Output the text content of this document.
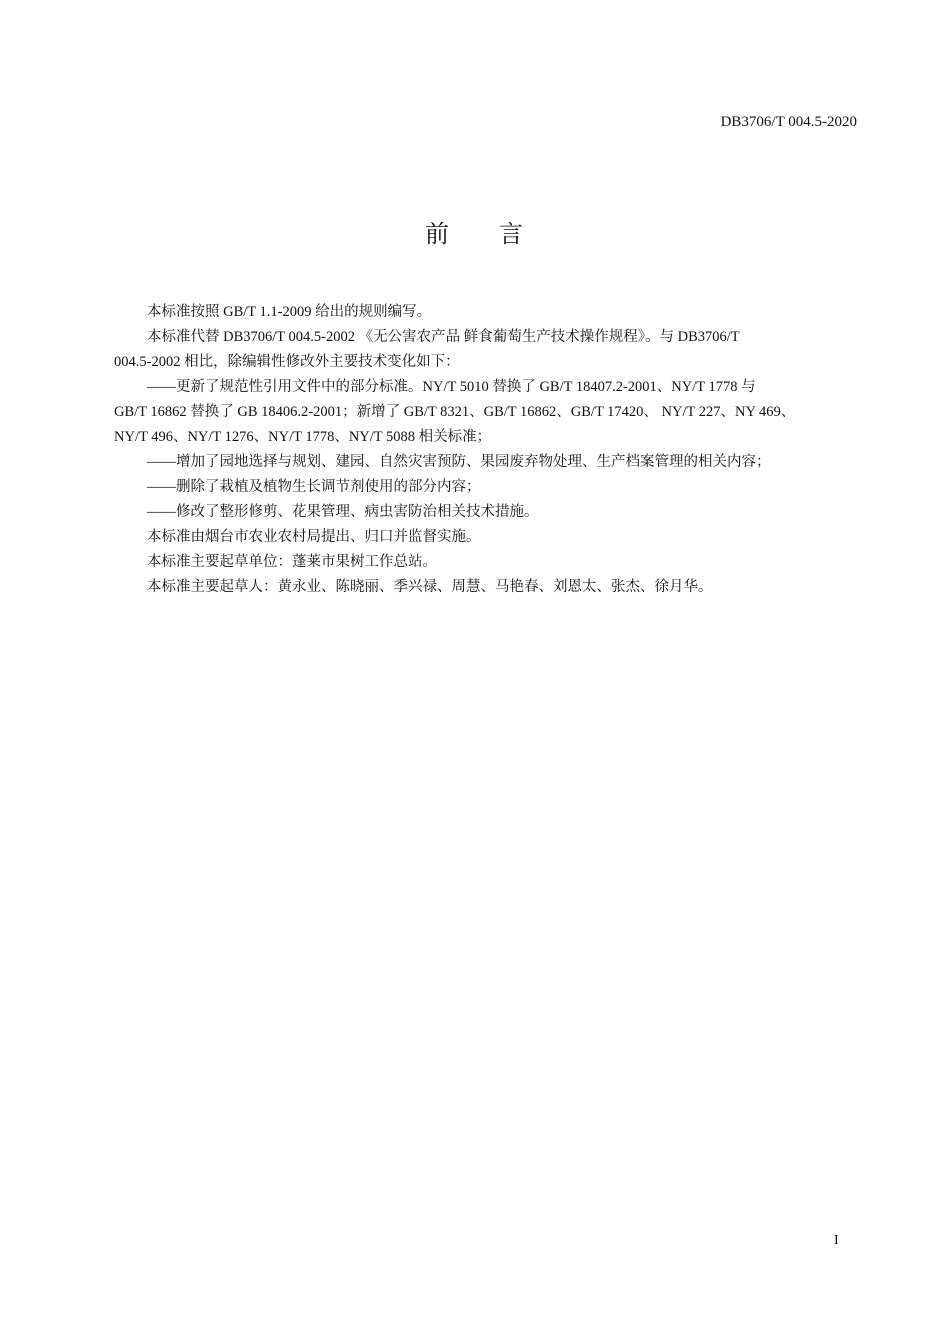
DB3706/T 004.5-2020
前 言

本标准按照 GB/T 1.1-2009 给出的规则编写。

本标准代替 DB3706/T 004.5-2002 《无公害农产品 鲜食葡萄生产技术操作规程》。与 DB3706/T
004.5-2002 相比，除编辑性修改外主要技术变化如下：

——更新了规范性引用文件中的部分标准。NY/T 5010 替换了 GB/T 18407.2-2001、NY/T 1778 与
GB/T 16862 替换了 GB 18406.2-2001；新增了 GB/T 8321、GB/T 16862、GB/T 17420、 NY/T 227、NY 469、
NY/T 496、NY/T 1276、NY/T 1778、NY/T 5088 相关标准；

——增加了园地选择与规划、建园、自然灾害预防、果园废弃物处理、生产档案管理的相关内容；

——删除了栽植及植物生长调节剂使用的部分内容；

——修改了整形修剪、花果管理、病虫害防治相关技术措施。

本标准由烟台市农业农村局提出、归口并监督实施。

本标准主要起草单位：蓬莱市果树工作总站。

本标准主要起草人：黄永业、陈晓丽、季兴禄、周慧、马艳春、刘恩太、张杰、徐月华。

I
